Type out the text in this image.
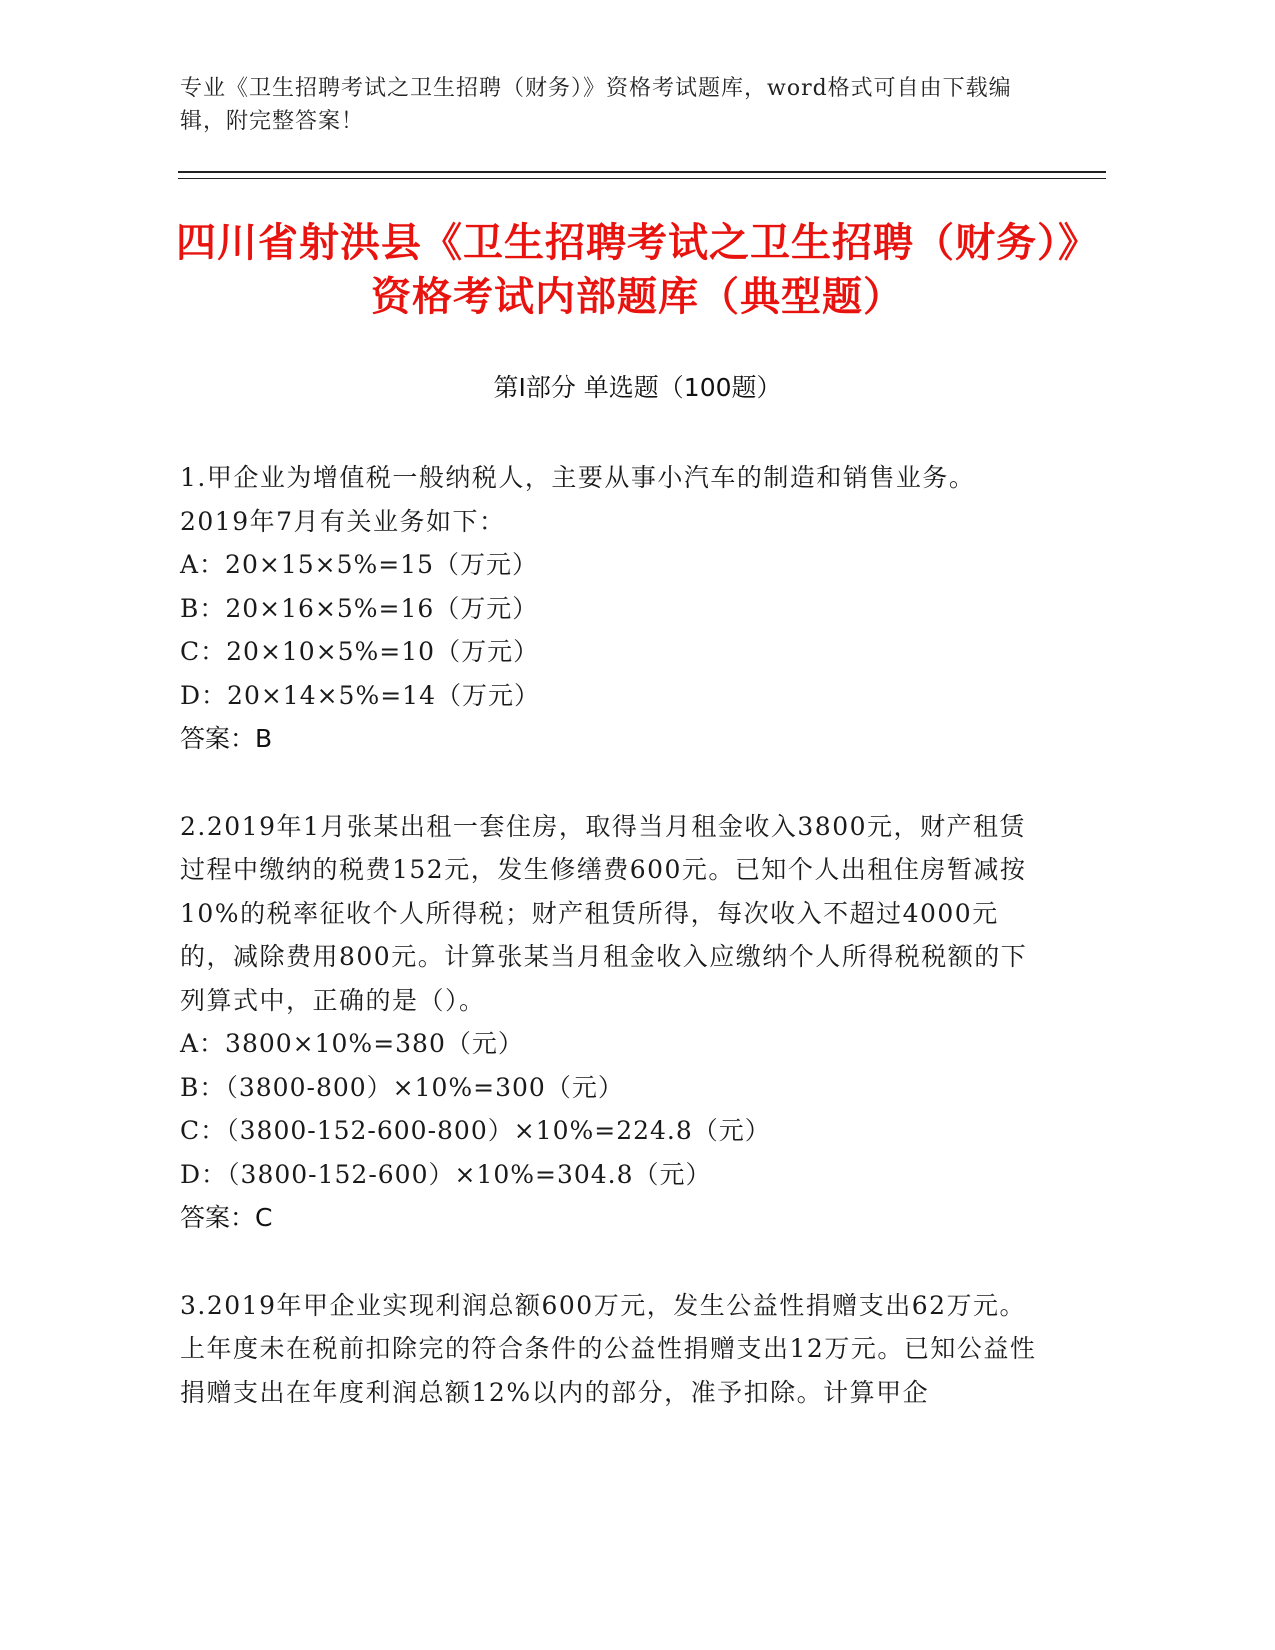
专业《卫生招聘考试之卫生招聘（财务）》资格考试题库，word格式可自由下载编辑，附完整答案！
四川省射洪县《卫生招聘考试之卫生招聘（财务）》资格考试内部题库（典型题）
第Ⅰ部分 单选题（100题）

1.甲企业为增值税一般纳税人，主要从事小汽车的制造和销售业务。2019年7月有关业务如下：

A：20×15×5%=15（万元）
B：20×16×5%=16（万元）
C：20×10×5%=10（万元）
D：20×14×5%=14（万元）
答案：B

2.2019年1月张某出租一套住房，取得当月租金收入3800元，财产租赁过程中缴纳的税费152元，发生修缮费600元。已知个人出租住房暂减按10%的税率征收个人所得税；财产租赁所得，每次收入不超过4000元的，减除费用800元。计算张某当月租金收入应缴纳个人所得税税额的下列算式中，正确的是（）。

A：3800×10%=380（元）
B：（3800-800）×10%=300（元）
C：（3800-152-600-800）×10%=224.8（元）
D：（3800-152-600）×10%=304.8（元）
答案：C

3.2019年甲企业实现利润总额600万元，发生公益性捐赠支出62万元。上年度未在税前扣除完的符合条件的公益性捐赠支出12万元。已知公益性捐赠支出在年度利润总额12%以内的部分，准予扣除。计算甲企
